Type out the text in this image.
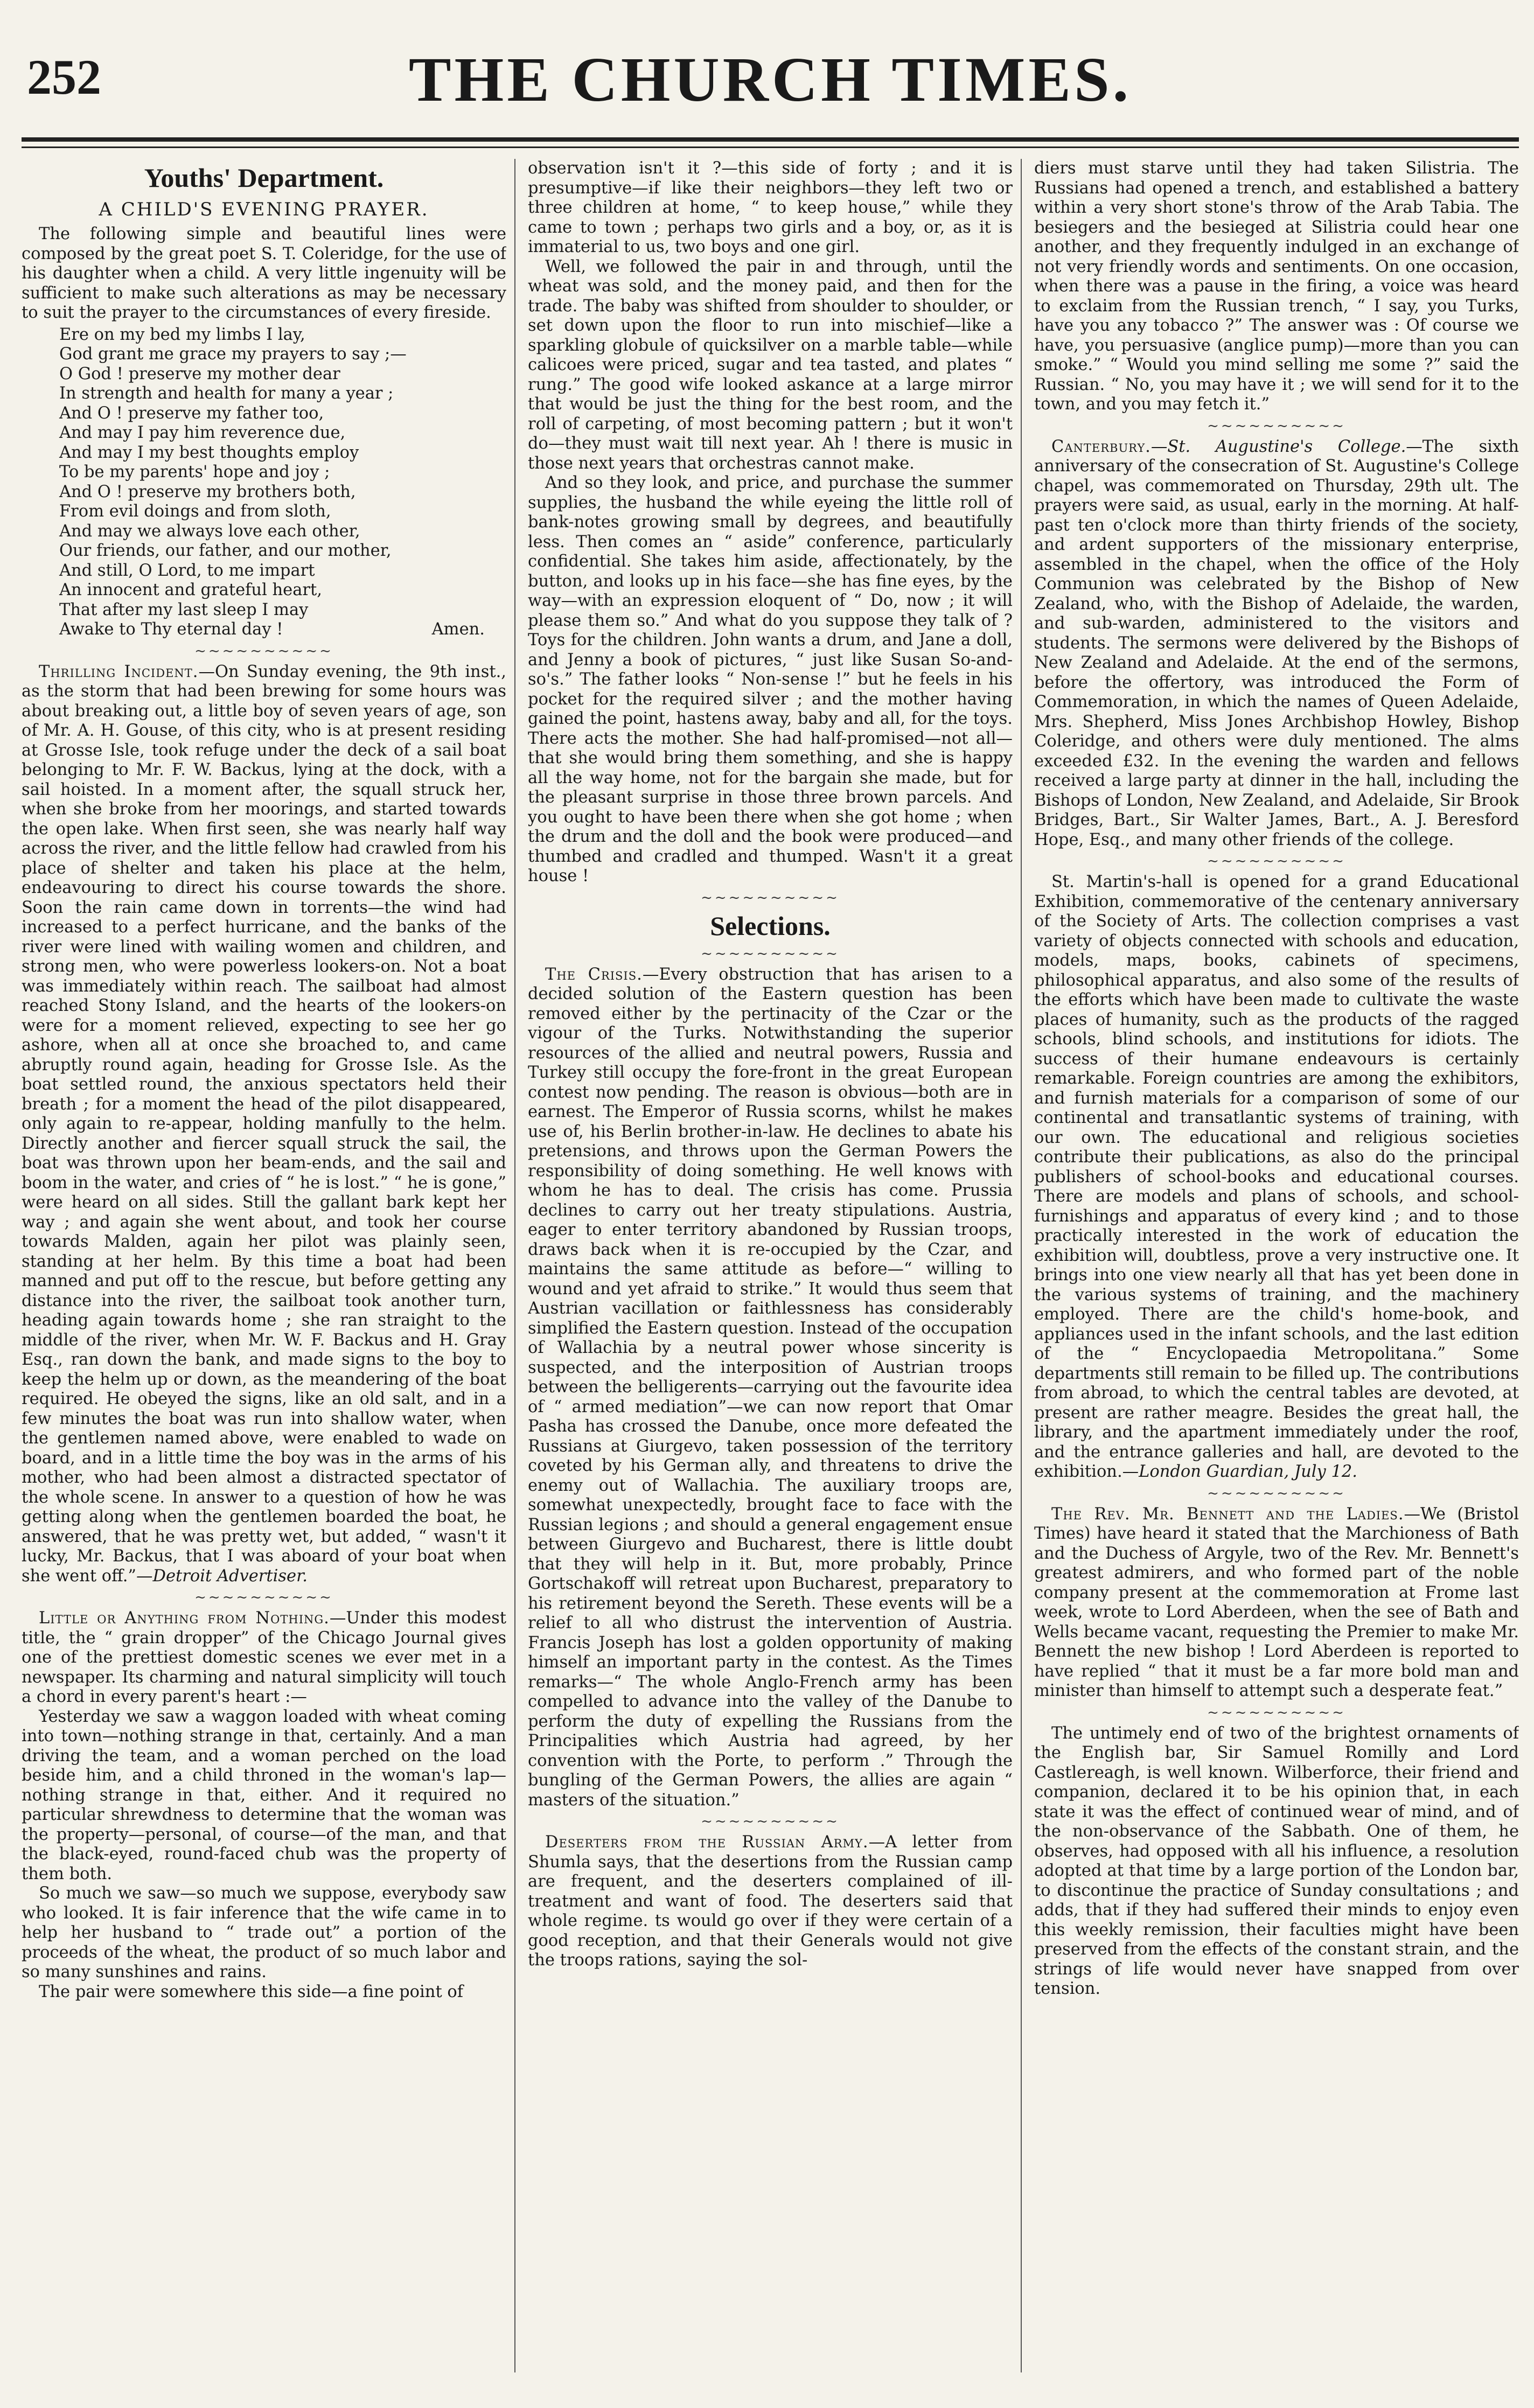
252	THE CHURCH TIMES.
Youths' Department.
A CHILD'S EVENING PRAYER.

The following simple and beautiful lines were composed by the great poet S. T. Coleridge, for the use of his daughter when a child. A very little ingenuity will be sufficient to make such alterations as may be necessary to suit the prayer to the circumstances of every fireside.

Ere on my bed my limbs I lay,
God grant me grace my prayers to say ;—
O God ! preserve my mother dear
In strength and health for many a year ;
And O ! preserve my father too,
And may I pay him reverence due,
And may I my best thoughts employ
To be my parents' hope and joy ;
And O ! preserve my brothers both,
From evil doings and from sloth,
And may we always love each other,
Our friends, our father, and our mother,
And still, O Lord, to me impart
An innocent and grateful heart,
That after my last sleep I may
Awake to Thy eternal day !	Amen.
~~~~~~~~~~

Thrilling Incident.—On Sunday evening, the 9th inst., as the storm that had been brewing for some hours was about breaking out, a little boy of seven years of age, son of Mr. A. H. Gouse, of this city, who is at present residing at Grosse Isle, took refuge under the deck of a sail boat belonging to Mr. F. W. Backus, lying at the dock, with a sail hoisted. In a moment after, the squall struck her, when she broke from her moorings, and started towards the open lake. When first seen, she was nearly half way across the river, and the little fellow had crawled from his place of shelter and taken his place at the helm, endeavouring to direct his course towards the shore. Soon the rain came down in torrents—the wind had increased to a perfect hurricane, and the banks of the river were lined with wailing women and children, and strong men, who were powerless lookers-on. Not a boat was immediately within reach. The sailboat had almost reached Stony Island, and the hearts of the lookers-on were for a moment relieved, expecting to see her go ashore, when all at once she broached to, and came abruptly round again, heading for Grosse Isle. As the boat settled round, the anxious spectators held their breath ; for a moment the head of the pilot disappeared, only again to re-appear, holding manfully to the helm. Directly another and fiercer squall struck the sail, the boat was thrown upon her beam-ends, and the sail and boom in the water, and cries of “ he is lost.” “ he is gone,” were heard on all sides. Still the gallant bark kept her way ; and again she went about, and took her course towards Malden, again her pilot was plainly seen, standing at her helm. By this time a boat had been manned and put off to the rescue, but before getting any distance into the river, the sailboat took another turn, heading again towards home ; she ran straight to the middle of the river, when Mr. W. F. Backus and H. Gray Esq., ran down the bank, and made signs to the boy to keep the helm up or down, as the meandering of the boat required. He obeyed the signs, like an old salt, and in a few minutes the boat was run into shallow water, when the gentlemen named above, were enabled to wade on board, and in a little time the boy was in the arms of his mother, who had been almost a distracted spectator of the whole scene. In answer to a question of how he was getting along when the gentlemen boarded the boat, he answered, that he was pretty wet, but added, “ wasn't it lucky, Mr. Backus, that I was aboard of your boat when she went off.”—Detroit Advertiser.

~~~~~~~~~~

Little or Anything from Nothing.—Under this modest title, the “ grain dropper” of the Chicago Journal gives one of the prettiest domestic scenes we ever met in a newspaper. Its charming and natural simplicity will touch a chord in every parent's heart :—

Yesterday we saw a waggon loaded with wheat coming into town—nothing strange in that, certainly. And a man driving the team, and a woman perched on the load beside him, and a child throned in the woman's lap—nothing strange in that, either. And it required no particular shrewdness to determine that the woman was the property—personal, of course—of the man, and that the black-eyed, round-faced chub was the property of them both.

So much we saw—so much we suppose, everybody saw who looked. It is fair inference that the wife came in to help her husband to “ trade out” a portion of the proceeds of the wheat, the product of so much labor and so many sunshines and rains.

The pair were somewhere this side—a fine point of

observation isn't it ?—this side of forty ; and it is presumptive—if like their neighbors—they left two or three children at home, “ to keep house,” while they came to town ; perhaps two girls and a boy, or, as it is immaterial to us, two boys and one girl.

Well, we followed the pair in and through, until the wheat was sold, and the money paid, and then for the trade. The baby was shifted from shoulder to shoulder, or set down upon the floor to run into mischief—like a sparkling globule of quicksilver on a marble table—while calicoes were priced, sugar and tea tasted, and plates “ rung.” The good wife looked askance at a large mirror that would be just the thing for the best room, and the roll of carpeting, of most becoming pattern ; but it won't do—they must wait till next year. Ah ! there is music in those next years that orchestras cannot make.

And so they look, and price, and purchase the summer supplies, the husband the while eyeing the little roll of bank-notes growing small by degrees, and beautifully less. Then comes an “ aside” conference, particularly confidential. She takes him aside, affectionately, by the button, and looks up in his face—she has fine eyes, by the way—with an expression eloquent of “ Do, now ; it will please them so.” And what do you suppose they talk of ? Toys for the children. John wants a drum, and Jane a doll, and Jenny a book of pictures, “ just like Susan So-and-so's.” The father looks “ Non-sense !” but he feels in his pocket for the required silver ; and the mother having gained the point, hastens away, baby and all, for the toys. There acts the mother. She had half-promised—not all—that she would bring them something, and she is happy all the way home, not for the bargain she made, but for the pleasant surprise in those three brown parcels. And you ought to have been there when she got home ; when the drum and the doll and the book were produced—and thumbed and cradled and thumped. Wasn't it a great house !

~~~~~~~~~~
Selections.
~~~~~~~~~~

The Crisis.—Every obstruction that has arisen to a decided solution of the Eastern question has been removed either by the pertinacity of the Czar or the vigour of the Turks. Notwithstanding the superior resources of the allied and neutral powers, Russia and Turkey still occupy the fore-front in the great European contest now pending. The reason is obvious—both are in earnest. The Emperor of Russia scorns, whilst he makes use of, his Berlin brother-in-law. He declines to abate his pretensions, and throws upon the German Powers the responsibility of doing something. He well knows with whom he has to deal. The crisis has come. Prussia declines to carry out her treaty stipulations. Austria, eager to enter territory abandoned by Russian troops, draws back when it is re-occupied by the Czar, and maintains the same attitude as before—“ willing to wound and yet afraid to strike.” It would thus seem that Austrian vacillation or faithlessness has considerably simplified the Eastern question. Instead of the occupation of Wallachia by a neutral power whose sincerity is suspected, and the interposition of Austrian troops between the belligerents—carrying out the favourite idea of “ armed mediation”—we can now report that Omar Pasha has crossed the Danube, once more defeated the Russians at Giurgevo, taken possession of the territory coveted by his German ally, and threatens to drive the enemy out of Wallachia. The auxiliary troops are, somewhat unexpectedly, brought face to face with the Russian legions ; and should a general engagement ensue between Giurgevo and Bucharest, there is little doubt that they will help in it. But, more probably, Prince Gortschakoff will retreat upon Bucharest, preparatory to his retirement beyond the Sereth. These events will be a relief to all who distrust the intervention of Austria. Francis Joseph has lost a golden opportunity of making himself an important party in the contest. As the Times remarks—“ The whole Anglo-French army has been compelled to advance into the valley of the Danube to perform the duty of expelling the Russians from the Principalities which Austria had agreed, by her convention with the Porte, to perform .” Through the bungling of the German Powers, the allies are again “ masters of the situation.”

~~~~~~~~~~

Deserters from the Russian Army.—A letter from Shumla says, that the desertions from the Russian camp are frequent, and the deserters complained of ill-treatment and want of food. The deserters said that whole regime. ts would go over if they were certain of a good reception, and that their Generals would not give the troops rations, saying the sol-

diers must starve until they had taken Silistria. The Russians had opened a trench, and established a battery within a very short stone's throw of the Arab Tabia. The besiegers and the besieged at Silistria could hear one another, and they frequently indulged in an exchange of not very friendly words and sentiments. On one occasion, when there was a pause in the firing, a voice was heard to exclaim from the Russian trench, “ I say, you Turks, have you any tobacco ?” The answer was : Of course we have, you persuasive (anglice pump)—more than you can smoke.” “ Would you mind selling me some ?” said the Russian. “ No, you may have it ; we will send for it to the town, and you may fetch it.”

~~~~~~~~~~

Canterbury.—St. Augustine's College.—The sixth anniversary of the consecration of St. Augustine's College chapel, was commemorated on Thursday, 29th ult. The prayers were said, as usual, early in the morning. At half-past ten o'clock more than thirty friends of the society, and ardent supporters of the missionary enterprise, assembled in the chapel, when the office of the Holy Communion was celebrated by the Bishop of New Zealand, who, with the Bishop of Adelaide, the warden, and sub-warden, administered to the visitors and students. The sermons were delivered by the Bishops of New Zealand and Adelaide. At the end of the sermons, before the offertory, was introduced the Form of Commemoration, in which the names of Queen Adelaide, Mrs. Shepherd, Miss Jones Archbishop Howley, Bishop Coleridge, and others were duly mentioned. The alms exceeded £32. In the evening the warden and fellows received a large party at dinner in the hall, including the Bishops of London, New Zealand, and Adelaide, Sir Brook Bridges, Bart., Sir Walter James, Bart., A. J. Beresford Hope, Esq., and many other friends of the college.

~~~~~~~~~~

St. Martin's-hall is opened for a grand Educational Exhibition, commemorative of the centenary anniversary of the Society of Arts. The collection comprises a vast variety of objects connected with schools and education, models, maps, books, cabinets of specimens, philosophical apparatus, and also some of the results of the efforts which have been made to cultivate the waste places of humanity, such as the products of the ragged schools, blind schools, and institutions for idiots. The success of their humane endeavours is certainly remarkable. Foreign countries are among the exhibitors, and furnish materials for a comparison of some of our continental and transatlantic systems of training, with our own. The educational and religious societies contribute their publications, as also do the principal publishers of school-books and educational courses. There are models and plans of schools, and school-furnishings and apparatus of every kind ; and to those practically interested in the work of education the exhibition will, doubtless, prove a very instructive one. It brings into one view nearly all that has yet been done in the various systems of training, and the machinery employed. There are the child's home-book, and appliances used in the infant schools, and the last edition of the “ Encyclopaedia Metropolitana.” Some departments still remain to be filled up. The contributions from abroad, to which the central tables are devoted, at present are rather meagre. Besides the great hall, the library, and the apartment immediately under the roof, and the entrance galleries and hall, are devoted to the exhibition.—London Guardian, July 12.

~~~~~~~~~~

The Rev. Mr. Bennett and the Ladies.—We (Bristol Times) have heard it stated that the Marchioness of Bath and the Duchess of Argyle, two of the Rev. Mr. Bennett's greatest admirers, and who formed part of the noble company present at the commemoration at Frome last week, wrote to Lord Aberdeen, when the see of Bath and Wells became vacant, requesting the Premier to make Mr. Bennett the new bishop ! Lord Aberdeen is reported to have replied “ that it must be a far more bold man and minister than himself to attempt such a desperate feat.”

~~~~~~~~~~

The untimely end of two of the brightest ornaments of the English bar, Sir Samuel Romilly and Lord Castlereagh, is well known. Wilberforce, their friend and companion, declared it to be his opinion that, in each state it was the effect of continued wear of mind, and of the non-observance of the Sabbath. One of them, he observes, had opposed with all his influence, a resolution adopted at that time by a large portion of the London bar, to discontinue the practice of Sunday consultations ; and adds, that if they had suffered their minds to enjoy even this weekly remission, their faculties might have been preserved from the effects of the constant strain, and the strings of life would never have snapped from over tension.
